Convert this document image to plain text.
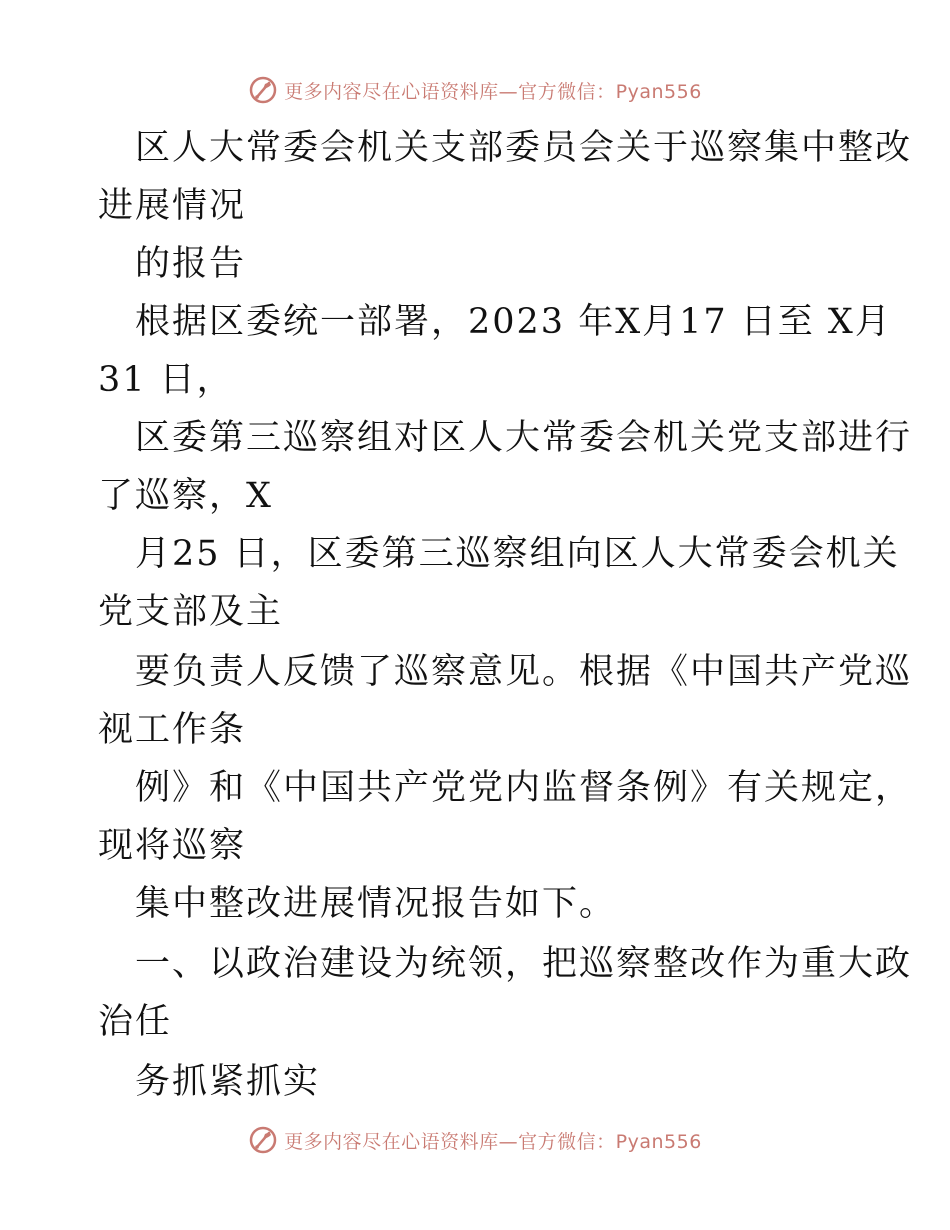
更多内容尽在心语资料库—官方微信：Pyan556
区人大常委会机关支部委员会关于巡察集中整改
进展情况
的报告
根据区委统一部署，2023 年X月17 日至 X月
31 日，
区委第三巡察组对区人大常委会机关党支部进行
了巡察，X
月25 日，区委第三巡察组向区人大常委会机关
党支部及主
要负责人反馈了巡察意见。根据《中国共产党巡
视工作条
例》和《中国共产党党内监督条例》有关规定，
现将巡察
集中整改进展情况报告如下。
一、以政治建设为统领，把巡察整改作为重大政
治任
务抓紧抓实
更多内容尽在心语资料库—官方微信：Pyan556
